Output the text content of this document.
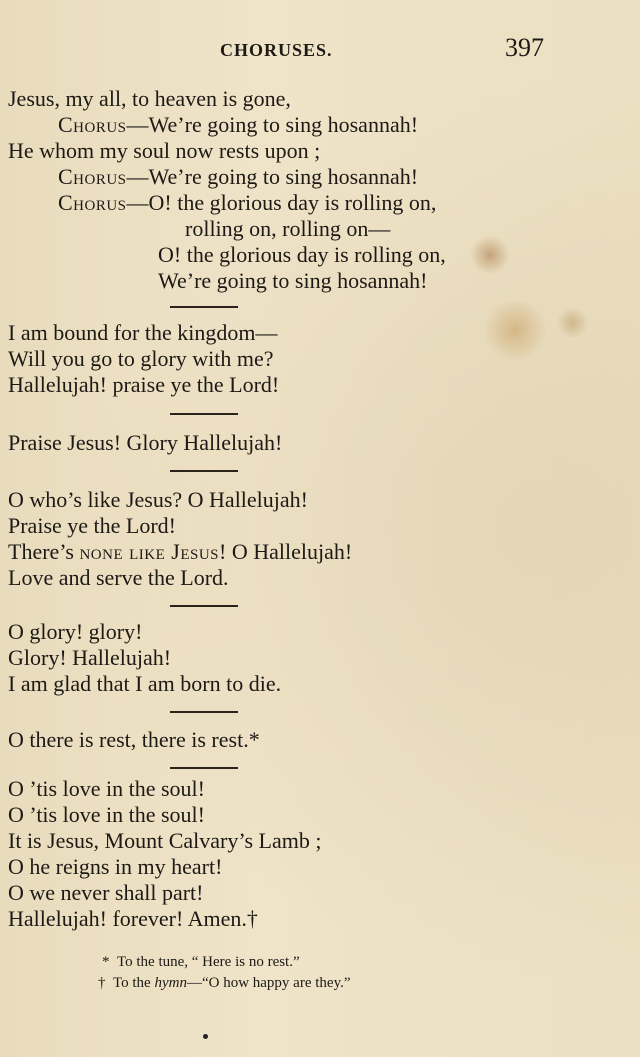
CHORUSES.	397
Jesus, my all, to heaven is gone,
Chorus—We’re going to sing hosannah!
He whom my soul now rests upon ;
Chorus—We’re going to sing hosannah!
Chorus—O! the glorious day is rolling on,
rolling on, rolling on—
O! the glorious day is rolling on,
We’re going to sing hosannah!
I am bound for the kingdom—
Will you go to glory with me?
Hallelujah! praise ye the Lord!
Praise Jesus! Glory Hallelujah!
O who’s like Jesus? O Hallelujah!
Praise ye the Lord!
There’s none like Jesus! O Hallelujah!
Love and serve the Lord.
O glory! glory!
Glory! Hallelujah!
I am glad that I am born to die.
O there is rest, there is rest.*
O ’tis love in the soul!
O ’tis love in the soul!
It is Jesus, Mount Calvary’s Lamb ;
O he reigns in my heart!
O we never shall part!
Hallelujah! forever! Amen.†
* To the tune, “ Here is no rest.”
† To the hymn—“O how happy are they.”
